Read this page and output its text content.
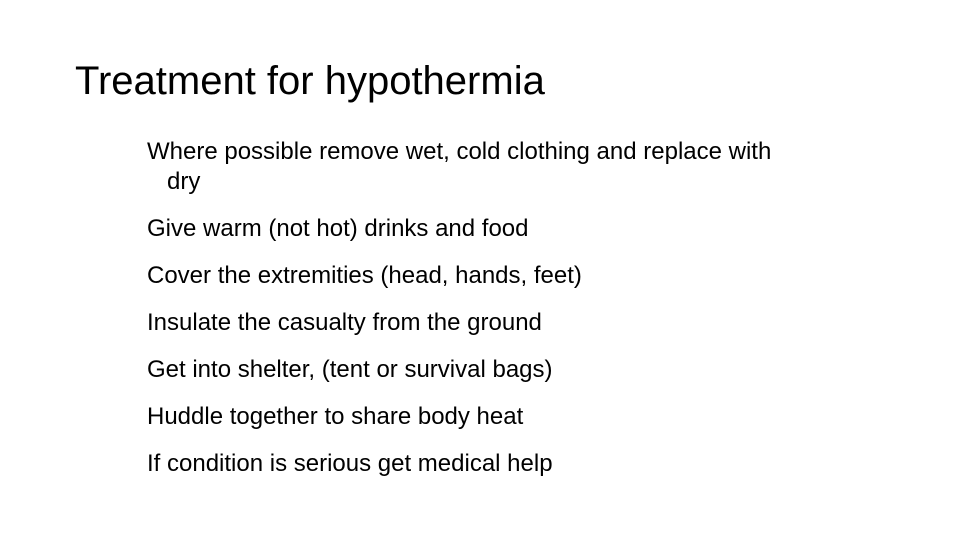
Treatment for hypothermia
Where possible remove wet, cold clothing and replace with dry
Give warm (not hot) drinks and food
Cover the extremities (head, hands, feet)
Insulate the casualty from the ground
Get into shelter, (tent or survival bags)
Huddle together to share body heat
If condition is serious get medical help
